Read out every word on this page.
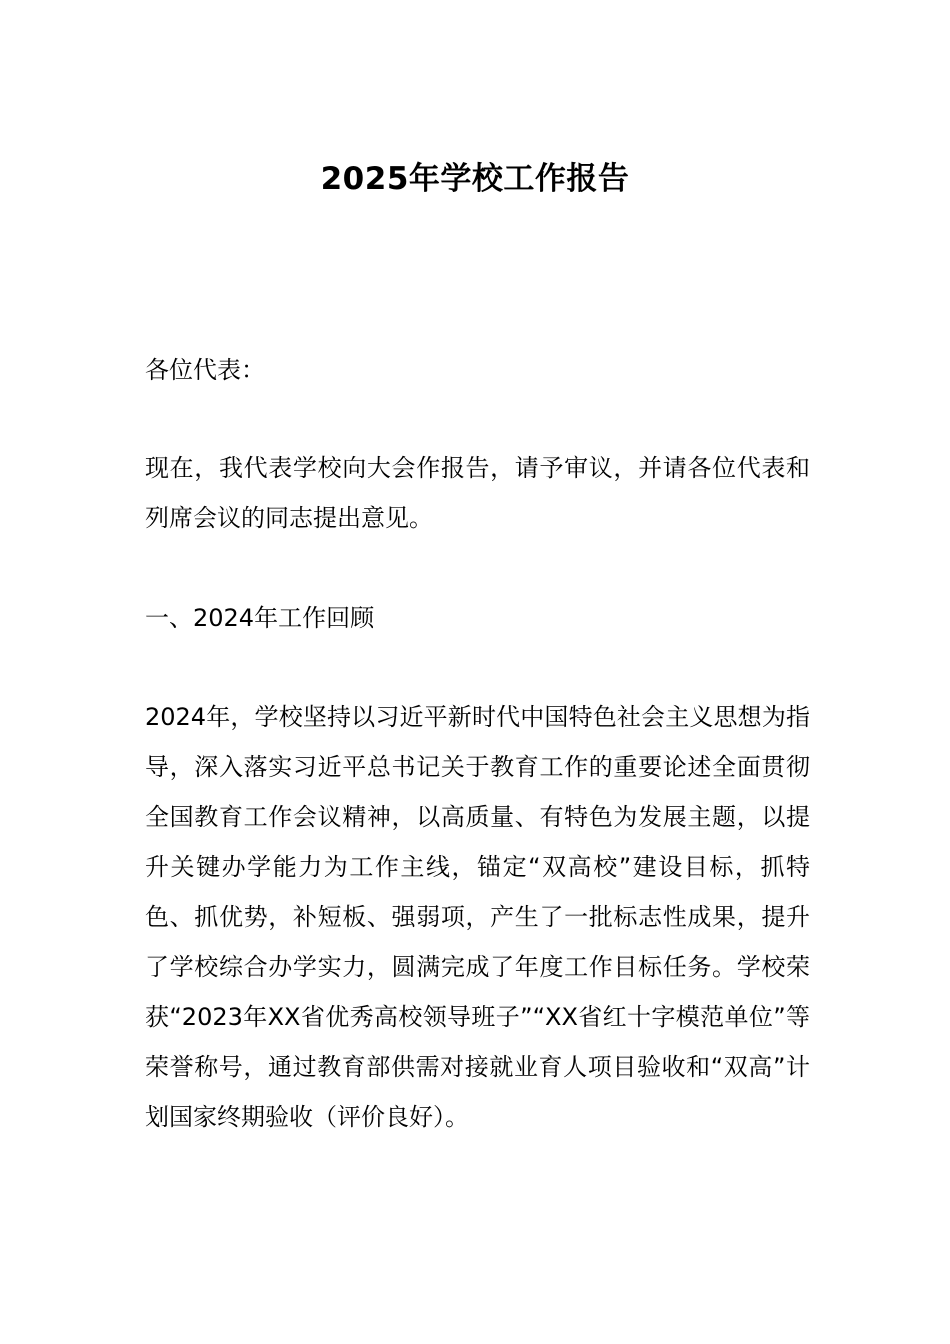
2025年学校工作报告
各位代表：
现在，我代表学校向大会作报告，请予审议，并请各位代表和列席会议的同志提出意见。
一、2024年工作回顾
2024年，学校坚持以习近平新时代中国特色社会主义思想为指导，深入落实习近平总书记关于教育工作的重要论述全面贯彻全国教育工作会议精神，以高质量、有特色为发展主题，以提升关键办学能力为工作主线，锚定“双高校”建设目标，抓特色、抓优势，补短板、强弱项，产生了一批标志性成果，提升了学校综合办学实力，圆满完成了年度工作目标任务。学校荣获“2023年XX省优秀高校领导班子”“XX省红十字模范单位”等荣誉称号，通过教育部供需对接就业育人项目验收和“双高”计划国家终期验收（评价良好）。
